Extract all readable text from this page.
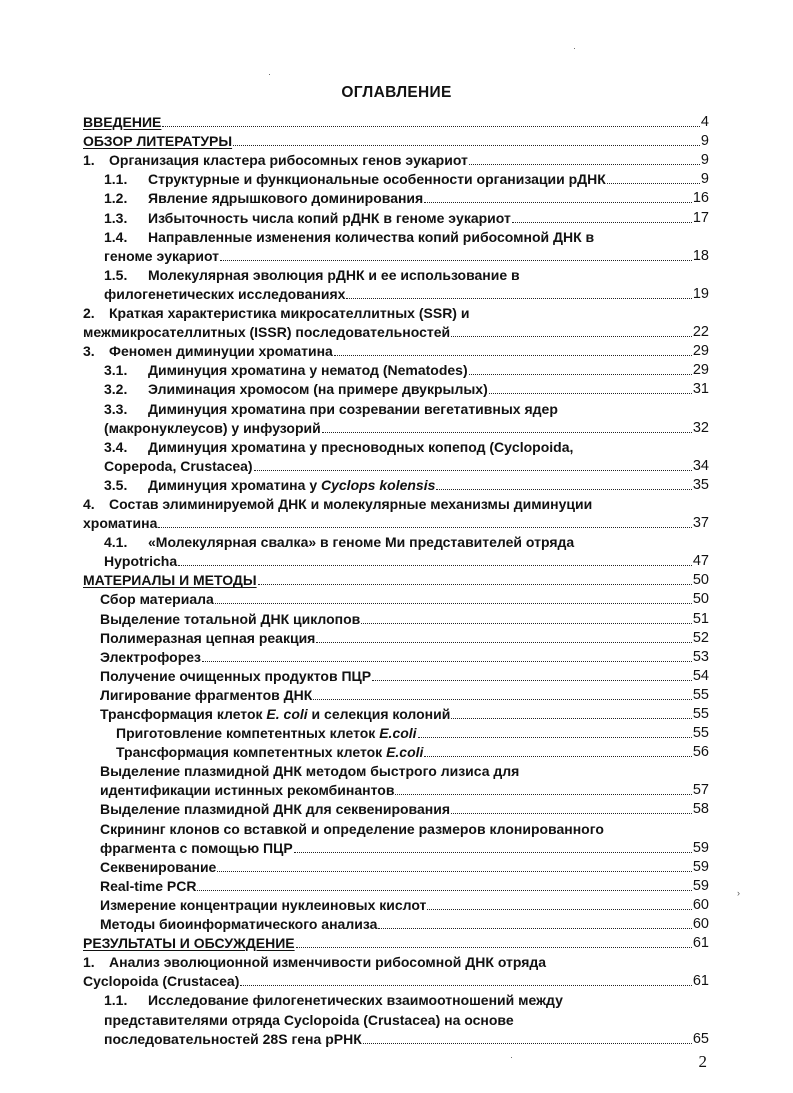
·
·
›
·
ОГЛАВЛЕНИЕ
ВВЕДЕНИЕ	4
ОБЗОР ЛИТЕРАТУРЫ	9
1. Организация кластера рибосомных генов эукариот	9
1.1. Структурные и функциональные особенности организации рДНК	9
1.2. Явление ядрышкового доминирования	16
1.3. Избыточность числа копий рДНК в геноме эукариот	17
1.4. Направленные изменения количества копий рибосомной ДНК в
геноме эукариот	18
1.5. Молекулярная эволюция рДНК и ее использование в
филогенетических исследованиях	19
2. Краткая характеристика микросателлитных (SSR) и
межмикросателлитных (ISSR) последовательностей	22
3. Феномен диминуции хроматина	29
3.1. Диминуция хроматина у нематод (Nematodes)	29
3.2. Элиминация хромосом (на примере двукрылых)	31
3.3. Диминуция хроматина при созревании вегетативных ядер
(макронуклеусов) у инфузорий	32
3.4. Диминуция хроматина у пресноводных копепод (Cyclopoida,
Copepoda, Crustacea)	34
3.5. Диминуция хроматина у Cyclops kolensis	35
4. Состав элиминируемой ДНК и молекулярные механизмы диминуции
хроматина	37
4.1. «Молекулярная свалка» в геноме Ми представителей отряда
Hypotricha	47
МАТЕРИАЛЫ И МЕТОДЫ	50
Сбор материала	50
Выделение тотальной ДНК циклопов	51
Полимеразная цепная реакция	52
Электрофорез	53
Получение очищенных продуктов ПЦР	54
Лигирование фрагментов ДНК	55
Трансформация клеток E. coli и селекция колоний	55
Приготовление компетентных клеток E.coli	55
Трансформация компетентных клеток E.coli	56
Выделение плазмидной ДНК методом быстрого лизиса для
идентификации истинных рекомбинантов	57
Выделение плазмидной ДНК для секвенирования	58
Скрининг клонов со вставкой и определение размеров клонированного
фрагмента с помощью ПЦР	59
Секвенирование	59
Real-time PCR	59
Измерение концентрации нуклеиновых кислот	60
Методы биоинформатического анализа	60
РЕЗУЛЬТАТЫ И ОБСУЖДЕНИЕ	61
1. Анализ эволюционной изменчивости рибосомной ДНК отряда
Cyclopoida (Crustacea)	61
1.1. Исследование филогенетических взаимоотношений между
представителями отряда Cyclopoida (Crustacea) на основе
последовательностей 28S гена рРНК	65
2
